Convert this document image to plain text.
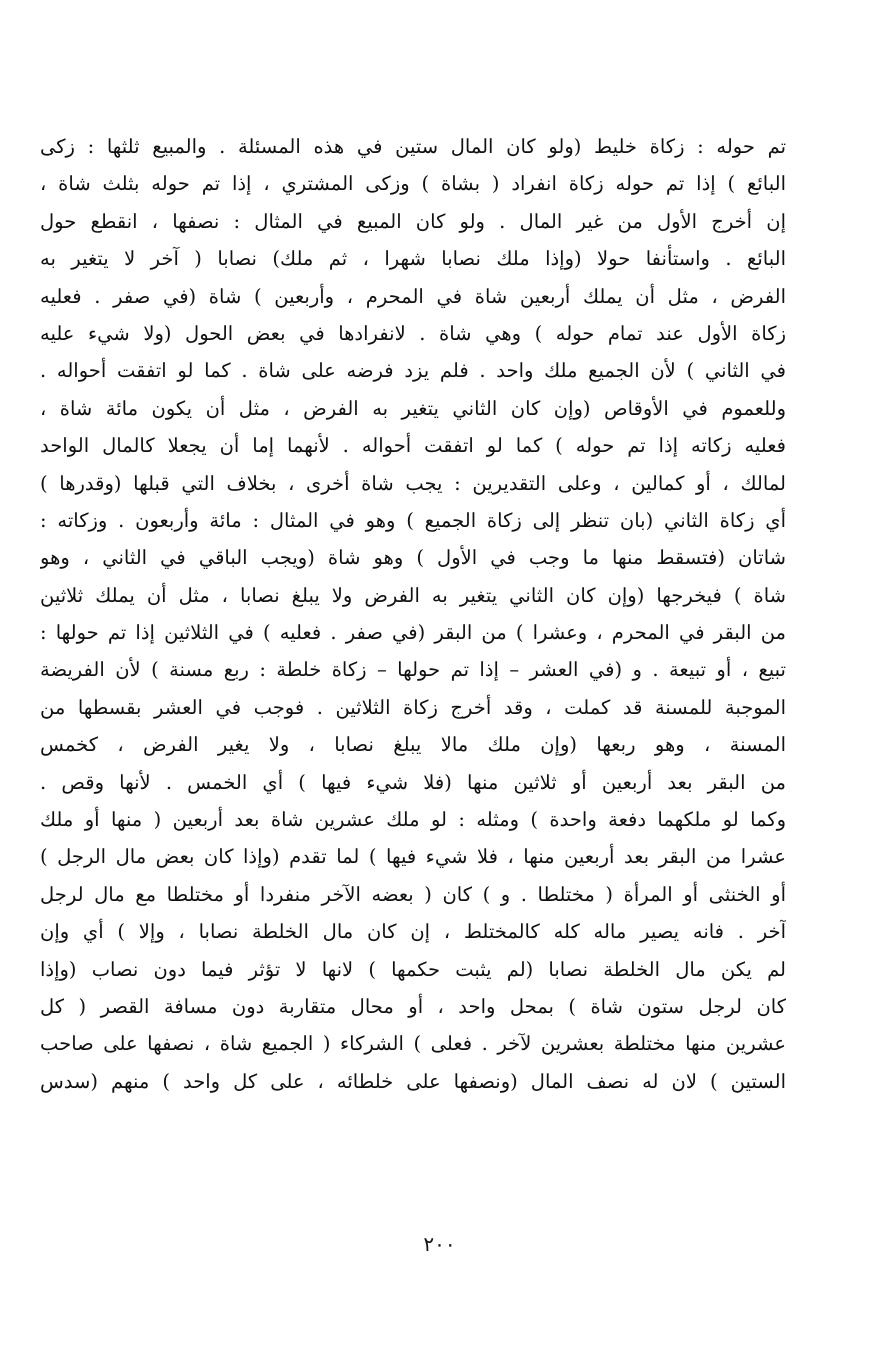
تم حوله : زكاة خليط (ولو كان المال ستين في هذه المسئلة . والمبيع ثلثها : زكى
البائع ) إذا تم حوله زكاة انفراد ( بشاة ) وزكى المشتري ، إذا تم حوله بثلث شاة ،
إن أخرج الأول من غير المال . ولو كان المبيع في المثال : نصفها ، انقطع حول
البائع . واستأنفا حولا (وإذا ملك نصابا شهرا ، ثم ملك) نصابا ( آخر لا يتغير به
الفرض ، مثل أن يملك أربعين شاة في المحرم ، وأربعين ) شاة (في صفر . فعليه
زكاة الأول عند تمام حوله ) وهي شاة . لانفرادها في بعض الحول (ولا شيء عليه
في الثاني ) لأن الجميع ملك واحد . فلم يزد فرضه على شاة . كما لو اتفقت أحواله .
وللعموم في الأوقاص (وإن كان الثاني يتغير به الفرض ، مثل أن يكون مائة شاة ،
فعليه زكاته إذا تم حوله ) كما لو اتفقت أحواله . لأنهما إما أن يجعلا كالمال الواحد
لمالك ، أو كمالين ، وعلى التقديرين : يجب شاة أخرى ، بخلاف التي قبلها (وقدرها )
أي زكاة الثاني (بان تنظر إلى زكاة الجميع ) وهو في المثال : مائة وأربعون . وزكاته :
شاتان (فتسقط منها ما وجب في الأول ) وهو شاة (ويجب الباقي في الثاني ، وهو
شاة ) فيخرجها (وإن كان الثاني يتغير به الفرض ولا يبلغ نصابا ، مثل أن يملك ثلاثين
من البقر في المحرم ، وعشرا ) من البقر (في صفر . فعليه ) في الثلاثين إذا تم حولها :
تبيع ، أو تبيعة . و (في العشر – إذا تم حولها – زكاة خلطة : ربع مسنة ) لأن الفريضة
الموجبة للمسنة قد كملت ، وقد أخرج زكاة الثلاثين . فوجب في العشر بقسطها من
المسنة ، وهو ربعها (وإن ملك مالا يبلغ نصابا ، ولا يغير الفرض ، كخمس
من البقر بعد أربعين أو ثلاثين منها (فلا شيء فيها ) أي الخمس . لأنها وقص .
وكما لو ملكهما دفعة واحدة ) ومثله : لو ملك عشرين شاة بعد أربعين ( منها أو ملك
عشرا من البقر بعد أربعين منها ، فلا شيء فيها ) لما تقدم (وإذا كان بعض مال الرجل )
أو الخنثى أو المرأة ( مختلطا . و ) كان ( بعضه الآخر منفردا أو مختلطا مع مال لرجل
آخر . فانه يصير ماله كله كالمختلط ، إن كان مال الخلطة نصابا ، وإلا ) أي وإن
لم يكن مال الخلطة نصابا (لم يثبت حكمها ) لانها لا تؤثر فيما دون نصاب (وإذا
كان لرجل ستون شاة ) بمحل واحد ، أو محال متقاربة دون مسافة القصر ( كل
عشرين منها مختلطة بعشرين لآخر . فعلى ) الشركاء ( الجميع شاة ، نصفها على صاحب
الستين ) لان له نصف المال (ونصفها على خلطائه ، على كل واحد ) منهم (سدس
٢٠٠
